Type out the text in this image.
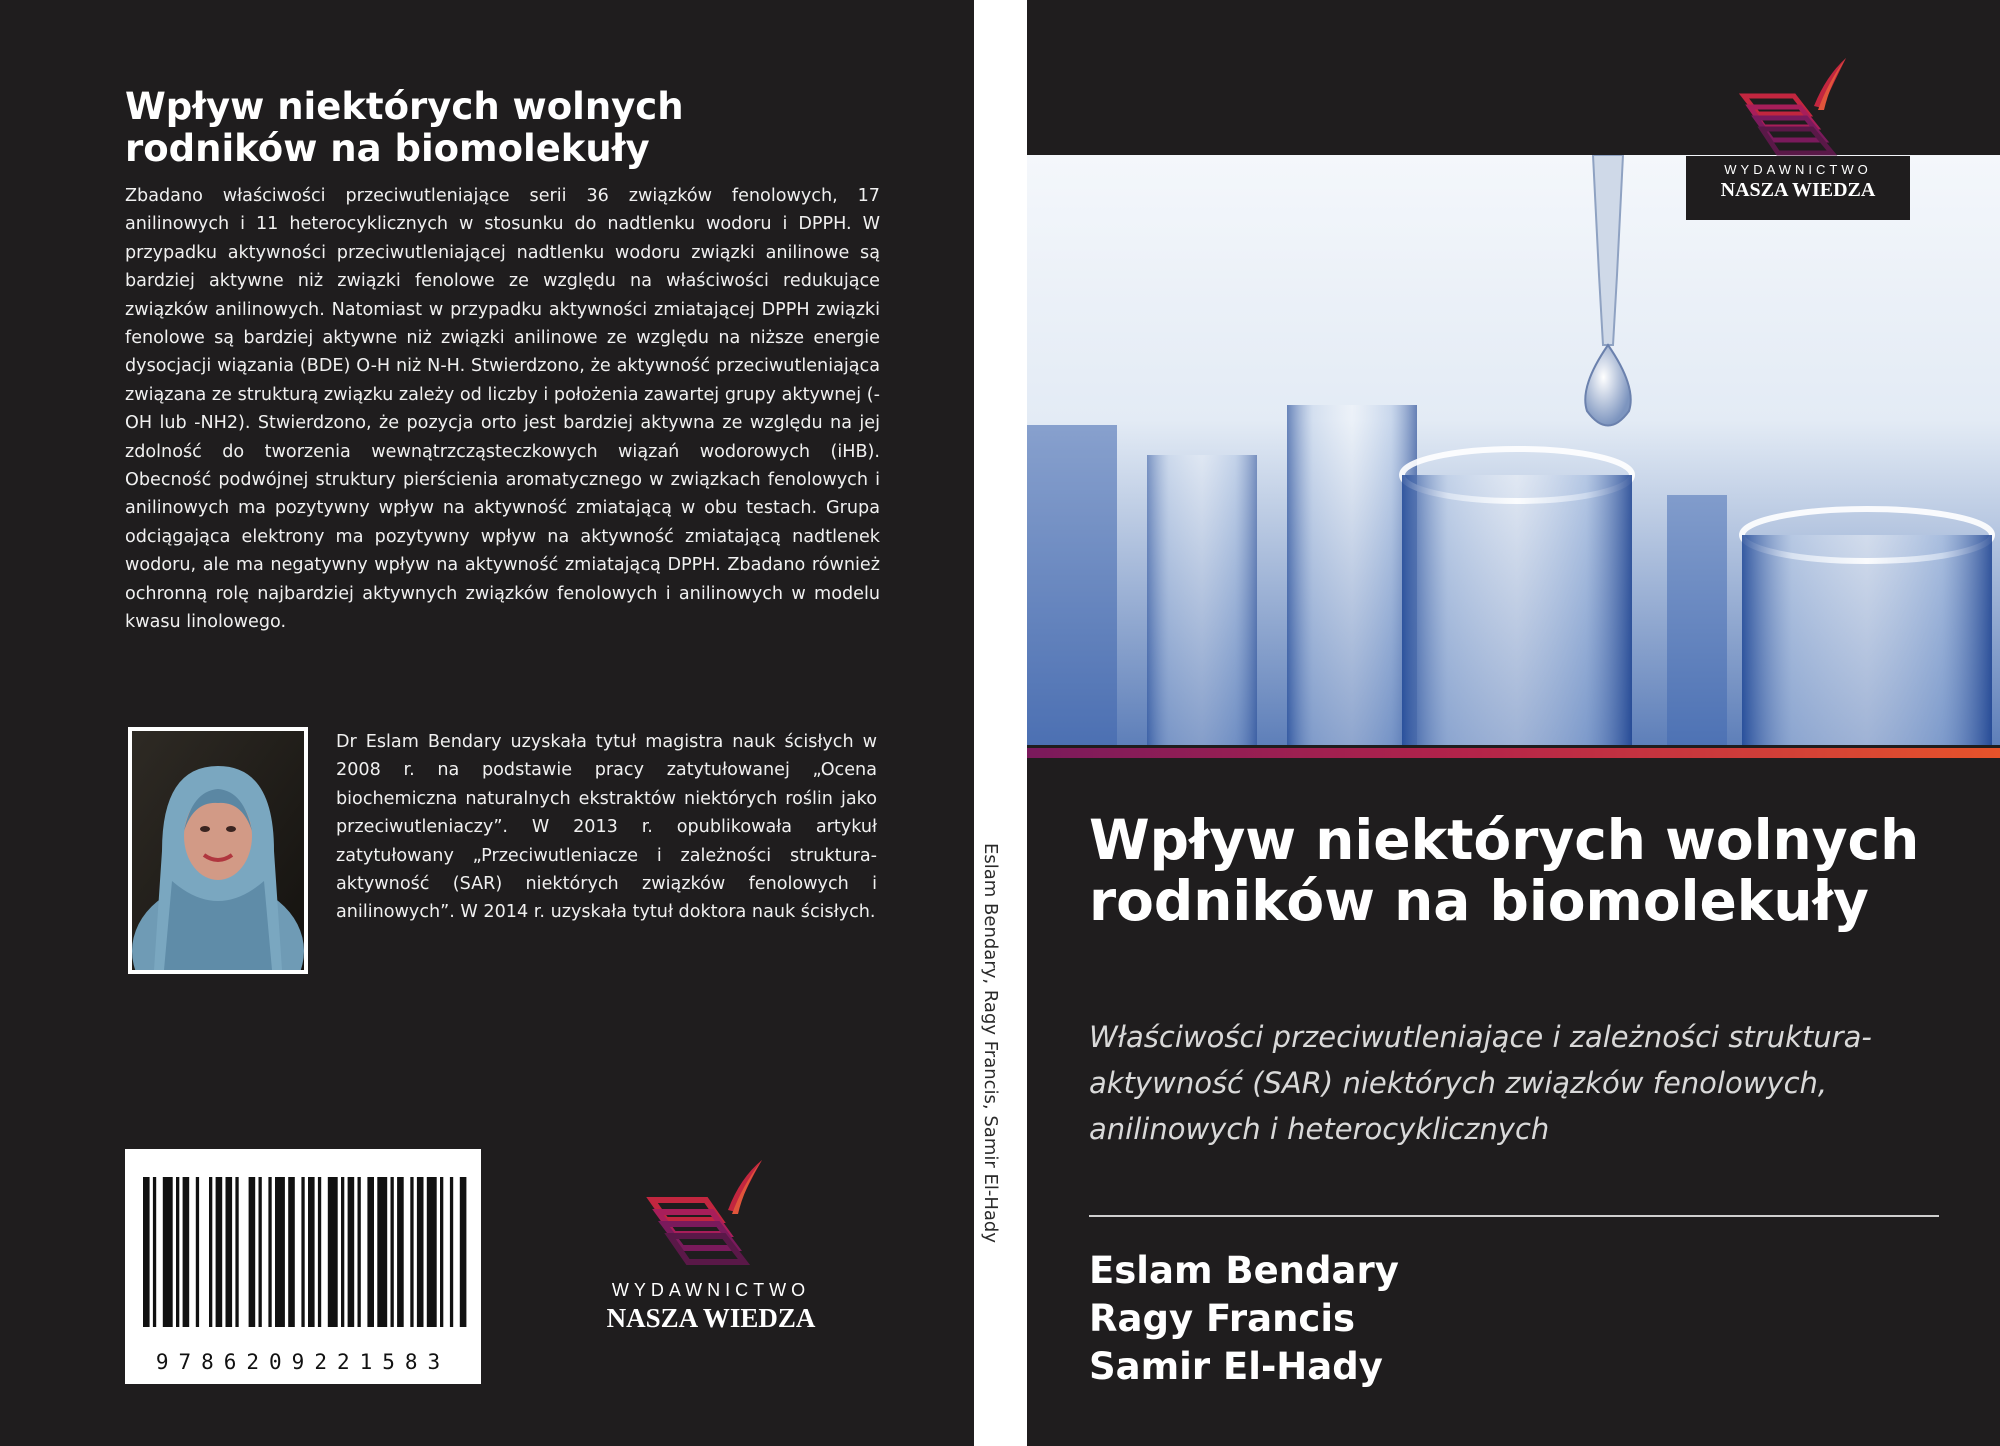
Wpływ niektórych wolnych rodników na biomolekuły
Zbadano właściwości przeciwutleniające serii 36 związków fenolowych, 17 anilinowych i 11 heterocyklicznych w stosunku do nadtlenku wodoru i DPPH. W przypadku aktywności przeciwutleniającej nadtlenku wodoru związki anilinowe są bardziej aktywne niż związki fenolowe ze względu na właściwości redukujące związków anilinowych. Natomiast w przypadku aktywności zmiatającej DPPH związki fenolowe są bardziej aktywne niż związki anilinowe ze względu na niższe energie dysocjacji wiązania (BDE) O-H niż N-H. Stwierdzono, że aktywność przeciwutleniająca związana ze strukturą związku zależy od liczby i położenia zawartej grupy aktywnej (-OH lub -NH2). Stwierdzono, że pozycja orto jest bardziej aktywna ze względu na jej zdolność do tworzenia wewnątrzcząsteczkowych wiązań wodorowych (iHB). Obecność podwójnej struktury pierścienia aromatycznego w związkach fenolowych i anilinowych ma pozytywny wpływ na aktywność zmiatającą w obu testach. Grupa odciągająca elektrony ma pozytywny wpływ na aktywność zmiatającą nadtlenek wodoru, ale ma negatywny wpływ na aktywność zmiatającą DPPH. Zbadano również ochronną rolę najbardziej aktywnych związków fenolowych i anilinowych w modelu kwasu linolowego.
Dr Eslam Bendary uzyskała tytuł magistra nauk ścisłych w 2008 r. na podstawie pracy zatytułowanej „Ocena biochemiczna naturalnych ekstraktów niektórych roślin jako przeciwutleniaczy”. W 2013 r. opublikowała artykuł zatytułowany „Przeciwutleniacze i zależności struktura-aktywność (SAR) niektórych związków fenolowych i anilinowych”. W 2014 r. uzyskała tytuł doktora nauk ścisłych.
9786209221583
WYDAWNICTWO
NASZA WIEDZA
Eslam Bendary, Ragy Francis, Samir El-Hady
WYDAWNICTWO
NASZA WIEDZA
Wpływ niektórych wolnych rodników na biomolekuły
Właściwości przeciwutleniające i zależności struktura-aktywność (SAR) niektórych związków fenolowych, anilinowych i heterocyklicznych
Eslam Bendary
Ragy Francis
Samir El-Hady
